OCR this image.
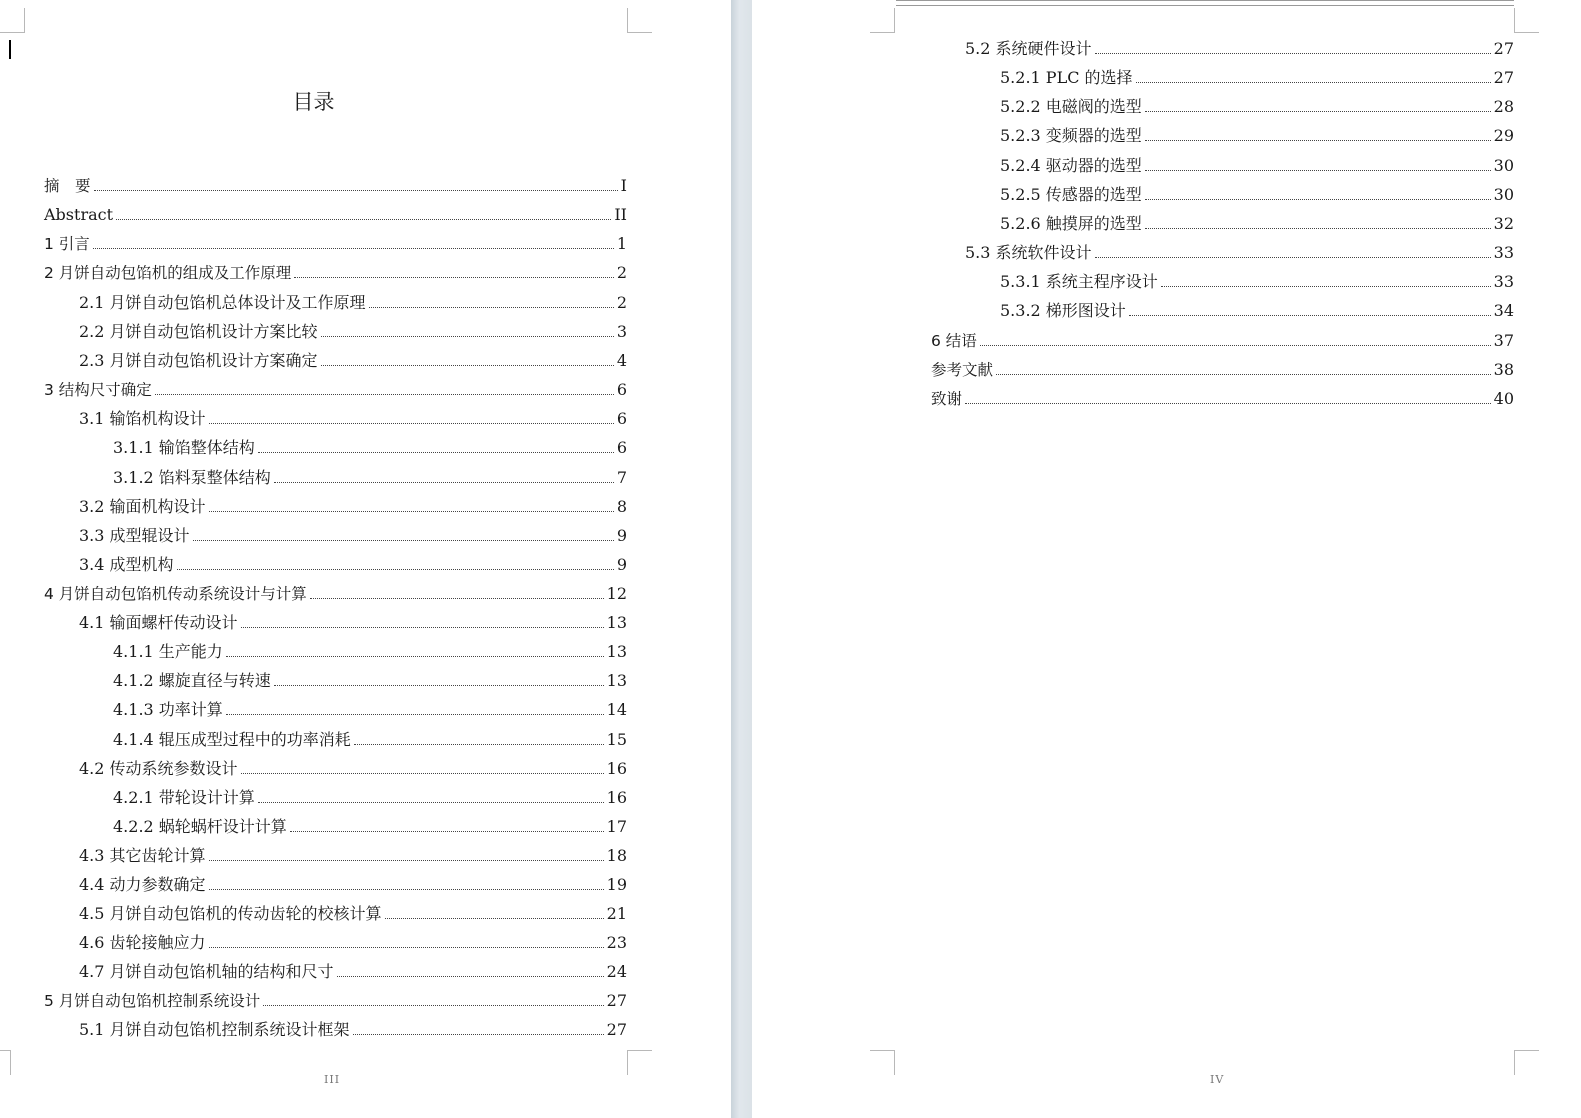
目录
摘　要	I
Abstract	II
1 引言	1
2 月饼自动包馅机的组成及工作原理	2
2.1 月饼自动包馅机总体设计及工作原理	2
2.2 月饼自动包馅机设计方案比较	3
2.3 月饼自动包馅机设计方案确定	4
3 结构尺寸确定	6
3.1 输馅机构设计	6
3.1.1 输馅整体结构	6
3.1.2 馅料泵整体结构	7
3.2 输面机构设计	8
3.3 成型辊设计	9
3.4 成型机构	9
4 月饼自动包馅机传动系统设计与计算	12
4.1 输面螺杆传动设计	13
4.1.1 生产能力	13
4.1.2 螺旋直径与转速	13
4.1.3 功率计算	14
4.1.4 辊压成型过程中的功率消耗	15
4.2 传动系统参数设计	16
4.2.1 带轮设计计算	16
4.2.2 蜗轮蜗杆设计计算	17
4.3 其它齿轮计算	18
4.4 动力参数确定	19
4.5 月饼自动包馅机的传动齿轮的校核计算	21
4.6 齿轮接触应力	23
4.7 月饼自动包馅机轴的结构和尺寸	24
5 月饼自动包馅机控制系统设计	27
5.1 月饼自动包馅机控制系统设计框架	27
III
5.2 系统硬件设计	27
5.2.1 PLC 的选择	27
5.2.2 电磁阀的选型	28
5.2.3 变频器的选型	29
5.2.4 驱动器的选型	30
5.2.5 传感器的选型	30
5.2.6 触摸屏的选型	32
5.3 系统软件设计	33
5.3.1 系统主程序设计	33
5.3.2 梯形图设计	34
6 结语	37
参考文献	38
致谢	40
IV
